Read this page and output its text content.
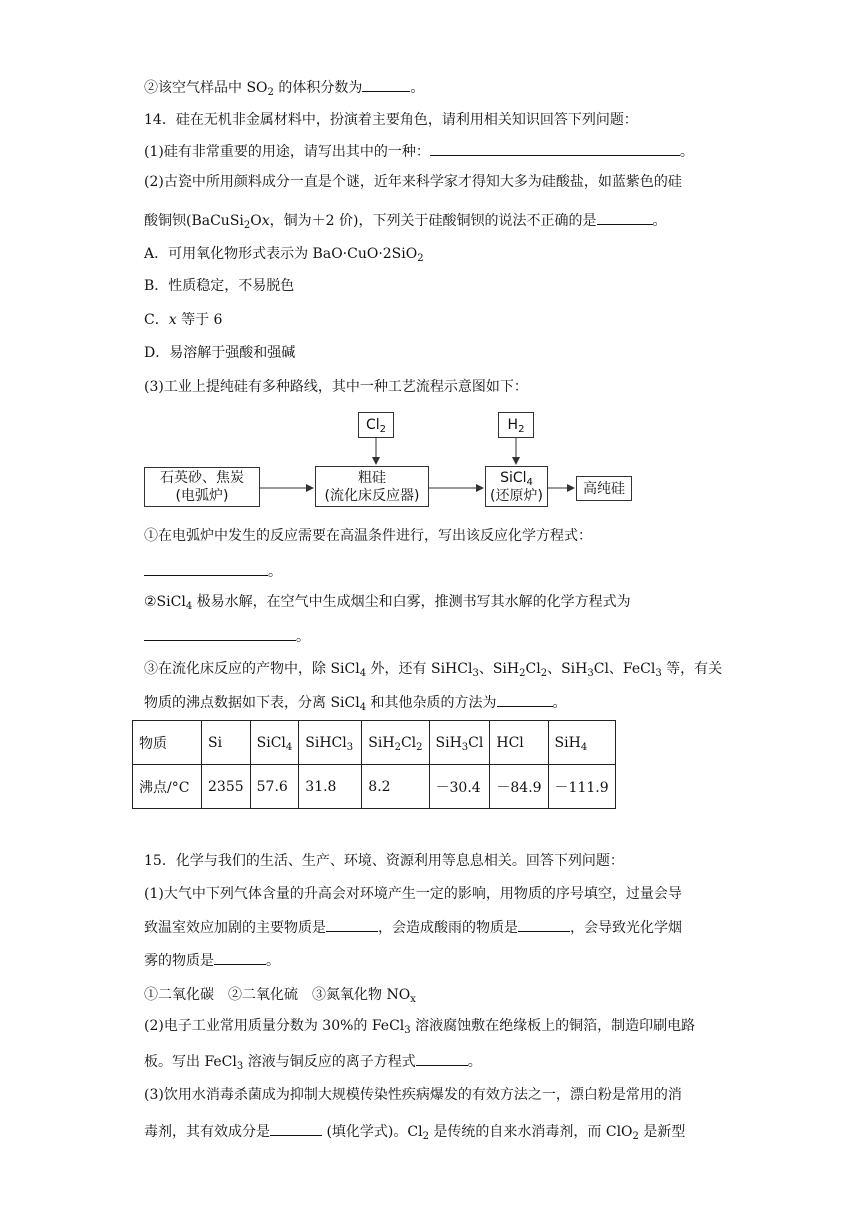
②该空气样品中 $SO_2$ 的体积分数为	。
14．硅在无机非金属材料中，扮演着主要角色，请利用相关知识回答下列问题：
(1)硅有非常重要的用途，请写出其中的一种：	。
(2)古瓷中所用颜料成分一直是个谜，近年来科学家才得知大多为硅酸盐，如蓝紫色的硅
酸铜钡(BaCuSi$_2$Ox，铜为＋2 价)，下列关于硅酸铜钡的说法不正确的是	。
A．可用氧化物形式表示为 BaO·CuO·2SiO$_2$
B．性质稳定，不易脱色
C．x 等于 6
D．易溶解于强酸和强碱
(3)工业上提纯硅有多种路线，其中一种工艺流程示意图如下：
$Cl_2$	$H_2$
石英砂、焦炭
(电弧炉)
粗硅
(流化床反应器)
SiCl$_4$
(还原炉)	高纯硅
①在电弧炉中发生的反应需要在高温条件进行，写出该反应化学方程式：
。
②SiCl$_4$ 极易水解，在空气中生成烟尘和白雾，推测书写其水解的化学方程式为
。
③在流化床反应的产物中，除 SiCl$_4$ 外，还有 SiHCl$_3$、$SiH_2Cl_2$、SiH$_3$Cl、FeCl$_3$ 等，有关
物质的沸点数据如下表，分离 SiCl$_4$ 和其他杂质的方法为	。
物质	Si	SiCl$_4$	SiHCl$_3$	$SiH_2Cl_2$	SiH$_3$Cl	HCl	SiH$_4$
沸点/°C	2355	57.6	31.8	8.2	－30.4	－84.9	－111.9
15．化学与我们的生活、生产、环境、资源利用等息息相关。回答下列问题：
(1)大气中下列气体含量的升高会对环境产生一定的影响，用物质的序号填空，过量会导
致温室效应加剧的主要物质是	，会造成酸雨的物质是	，会导致光化学烟
雾的物质是	。
①二氧化碳　②二氧化硫　③氮氧化物 $NO_x$
(2)电子工业常用质量分数为 30%的 FeCl$_3$ 溶液腐蚀敷在绝缘板上的铜箔，制造印刷电路
板。写出 FeCl$_3$ 溶液与铜反应的离子方程式	。
(3)饮用水消毒杀菌成为抑制大规模传染性疾病爆发的有效方法之一，漂白粉是常用的消
毒剂，其有效成分是	(填化学式)。$Cl_2$ 是传统的自来水消毒剂，而 ClO$_2$ 是新型
